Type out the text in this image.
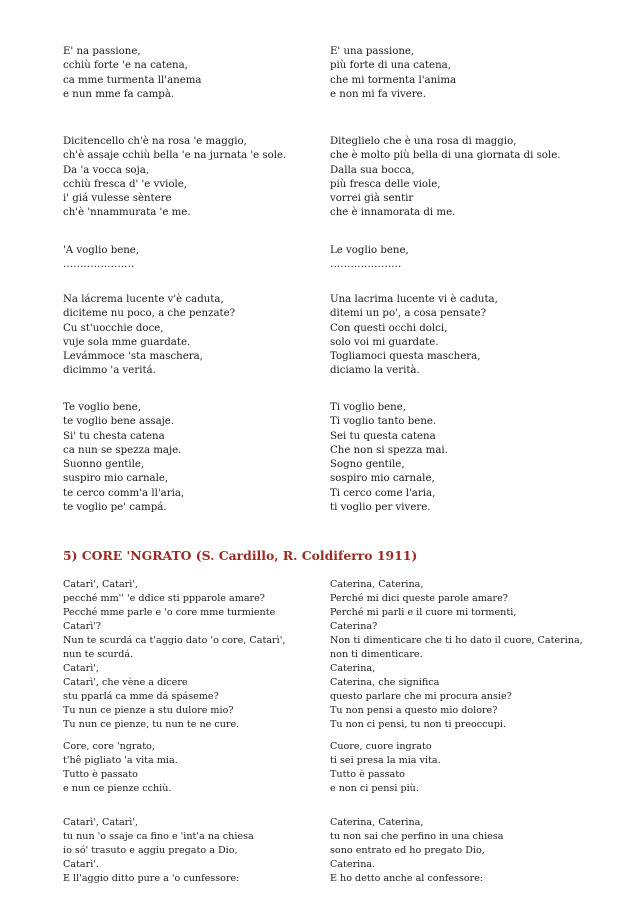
5) CORE 'NGRATO (S. Cardillo, R. Coldiferro 1911)
E' na passione,
cchiù forte 'e na catena,
ca mme turmenta ll'anema
e nun mme fa campà.
E' una passione,
più forte di una catena,
che mi tormenta l'anima
e non mi fa vivere.
Dicitencello ch'è na rosa 'e maggio,
ch'è assaje cchiù bella 'e na jurnata 'e sole.
Da 'a vocca soja,
cchiù fresca d' 'e vviole,
i' giá vulesse sèntere
ch'è 'nnammurata 'e me.
Diteglielo che è una rosa di maggio,
che è molto più bella di una giornata di sole.
Dalla sua bocca,
più fresca delle viole,
vorrei già sentir
che è innamorata di me.
'A voglio bene,
…………………
Le voglio bene,
…………………
Na lácrema lucente v'è caduta,
diciteme nu poco, a che penzate?
Cu st'uocchie doce,
vuje sola mme guardate.
Levámmoce 'sta maschera,
dicimmo 'a veritá.
Una lacrima lucente vi è caduta,
ditemi un po', a cosa pensate?
Con questi occhi dolci,
solo voi mi guardate.
Togliamoci questa maschera,
diciamo la verità.
Te voglio bene,
te voglio bene assaje.
Si' tu chesta catena
ca nun se spezza maje.
Suonno gentile,
suspiro mio carnale,
te cerco comm'a ll'aria,
te voglio pe' campá.
Ti voglio bene,
Ti voglio tanto bene.
Sei tu questa catena
Che non si spezza mai.
Sogno gentile,
sospiro mio carnale,
Ti cerco come l'aria,
ti voglio per vivere.
Catarì', Catarì',
pecché mm'' 'e ddice sti ppparole amare?
Pecché mme parle e 'o core mme turmiente
Catarì'?
Nun te scurdá ca t'aggio dato 'o core, Catarì',
nun te scurdá.
Catarì',
Catarì', che vène a dicere
stu pparlá ca mme dá spáseme?
Tu nun ce pienze a stu dulore mio?
Tu nun ce pienze, tu nun te ne cure.
Caterina, Caterina,
Perché mi dici queste parole amare?
Perché mi parli e il cuore mi tormenti,
Caterina?
Non ti dimenticare che ti ho dato il cuore, Caterina,
non ti dimenticare.
Caterina,
Caterina, che significa
questo parlare che mi procura ansie?
Tu non pensi a questo mio dolore?
Tu non ci pensi, tu non ti preoccupi.
Core, core 'ngrato,
t'hê pigliato 'a vita mia.
Tutto è passato
e nun ce pienze cchiù.
Cuore, cuore ingrato
ti sei presa la mia vita.
Tutto è passato
e non ci pensi più.
Catarì', Catarì',
tu nun 'o ssaje ca fino e 'int'a na chiesa
io só' trasuto e aggiu pregato a Dio,
Catarì'.
E ll'aggio ditto pure a 'o cunfessore:
Caterina, Caterina,
tu non sai che perfino in una chiesa
sono entrato ed ho pregato Dio,
Caterina.
E ho detto anche al confessore:
